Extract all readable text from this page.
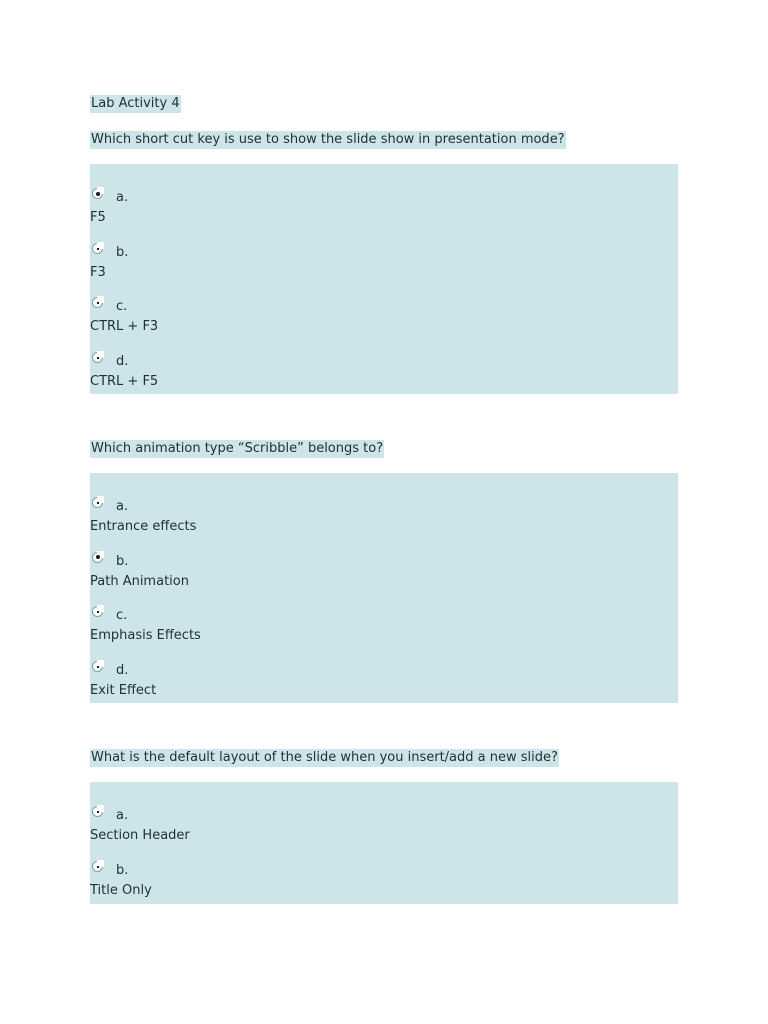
Lab Activity 4

Which short cut key is use to show the slide show in presentation mode?

a.
F5
b.
F3
c.
CTRL + F3
d.
CTRL + F5

Which animation type “Scribble” belongs to?

a.
Entrance effects
b.
Path Animation
c.
Emphasis Effects
d.
Exit Effect

What is the default layout of the slide when you insert/add a new slide?

a.
Section Header
b.
Title Only
